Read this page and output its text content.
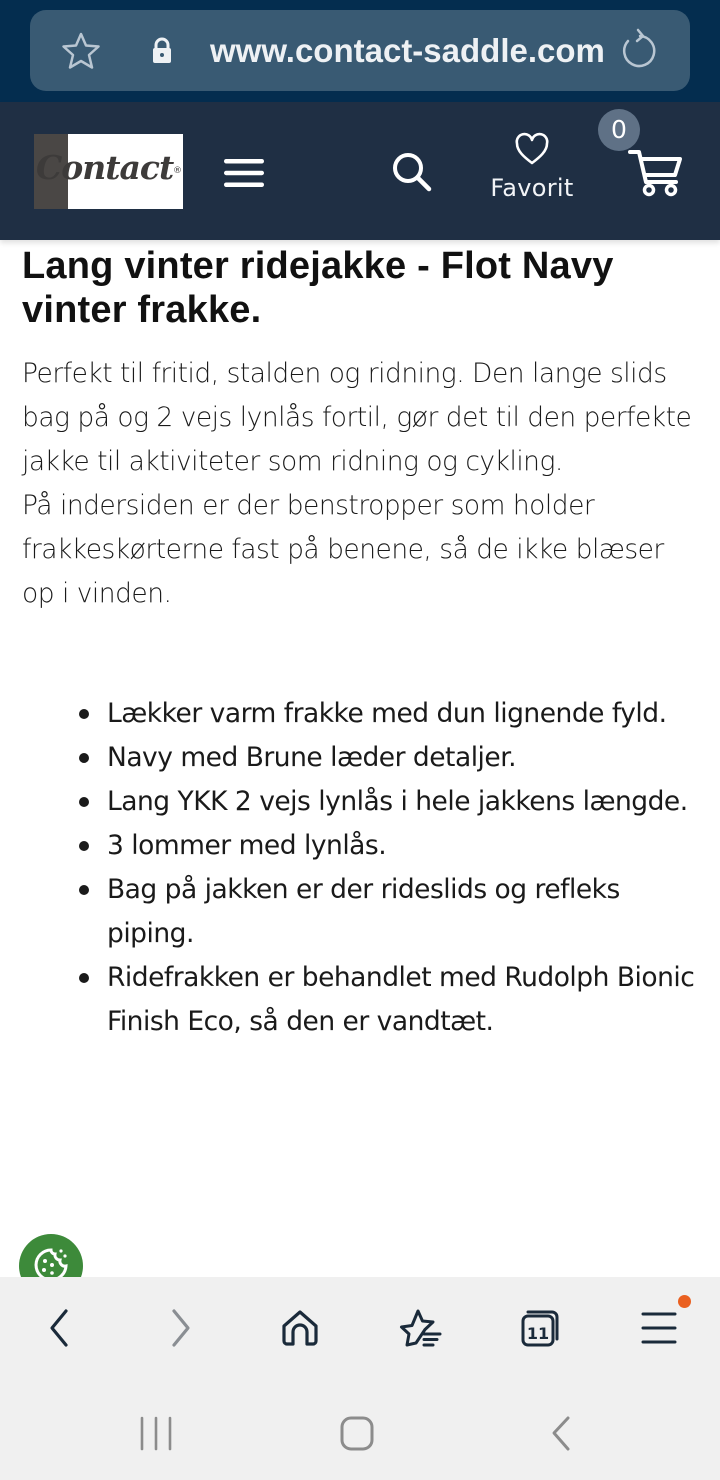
www.contact-saddle.com
Contact ®
Favorit
0
Lang vinter ridejakke - Flot Navy vinter frakke.

Perfekt til fritid, stalden og ridning. Den lange slids bag på og 2 vejs lynlås fortil, gør det til den perfekte jakke til aktiviteter som ridning og cykling.
På indersiden er der benstropper som holder frakkeskørterne fast på benene, så de ikke blæser op i vinden.

Lækker varm frakke med dun lignende fyld.
Navy med Brune læder detaljer.
Lang YKK 2 vejs lynlås i hele jakkens længde.
3 lommer med lynlås.
Bag på jakken er der rideslids og refleks piping.
Ridefrakken er behandlet med Rudolph Bionic Finish Eco, så den er vandtæt.
11
